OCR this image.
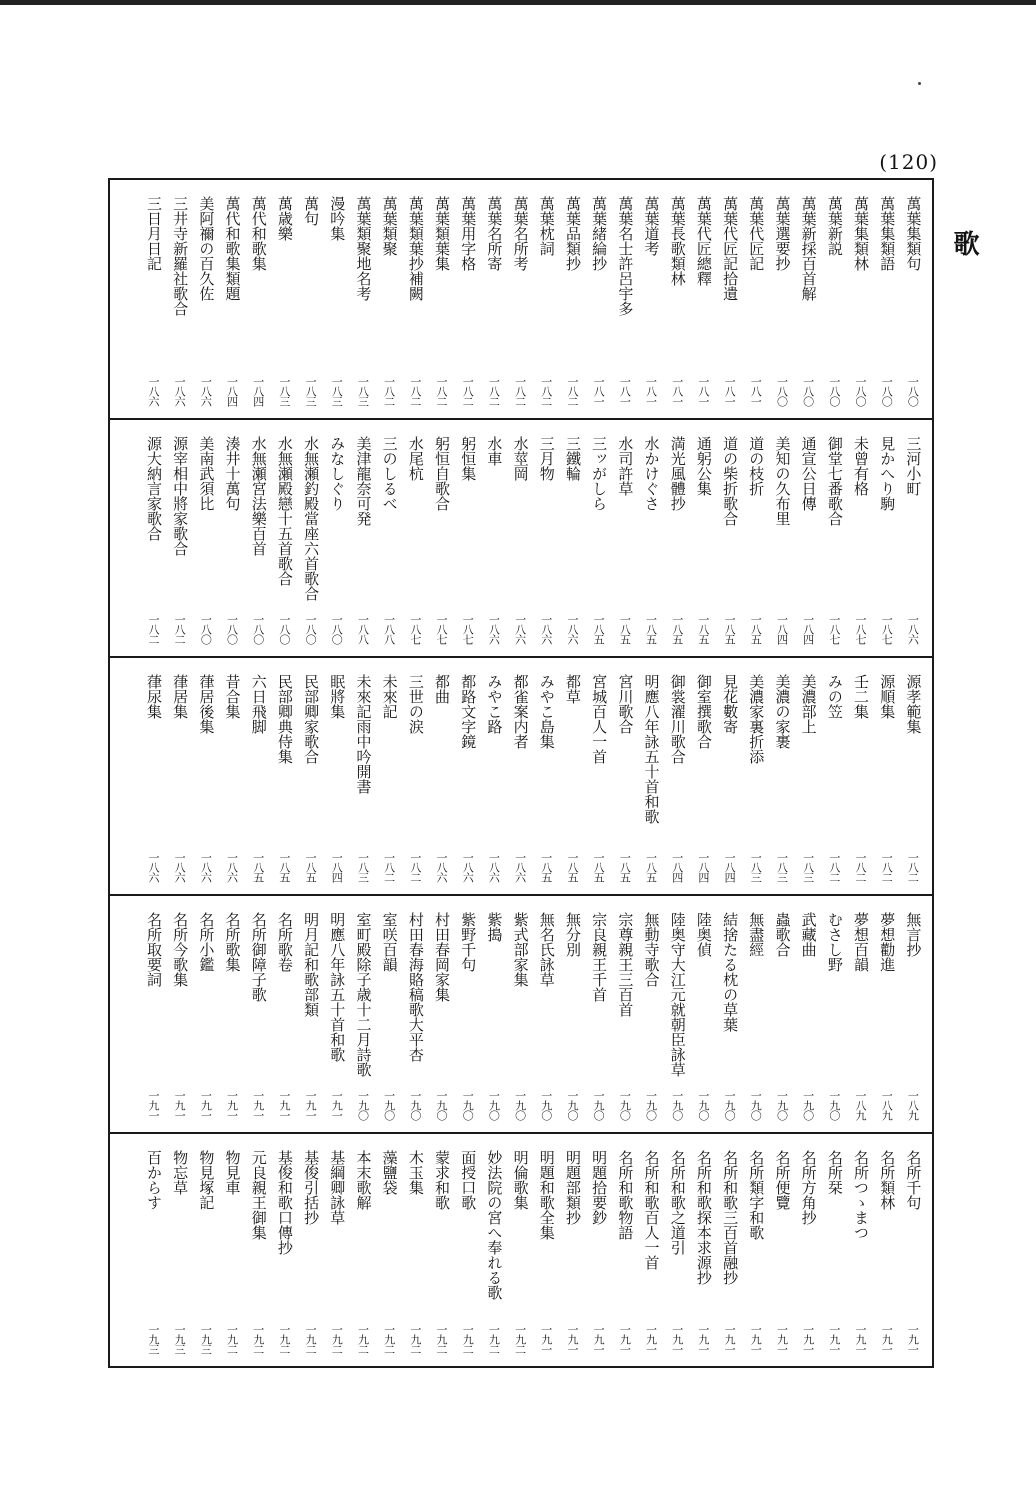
(120)
歌
萬葉集類句
一八〇
萬葉集類語
一八〇
萬葉集類林
一八〇
萬葉新説
一八〇
萬葉新採百首解
一八〇
萬葉選要抄
一八〇
萬葉代匠記
一八一
萬葉代匠記拾遺
一八一
萬葉代匠總釋
一八一
萬葉長歌類林
一八一
萬葉道考
一八一
萬葉名士許呂宇多
一八一
萬葉緒綸抄
一八一
萬葉品類抄
一八二
萬葉枕詞
一八二
萬葉名所考
一八二
萬葉名所寄
一八二
萬葉用字格
一八二
萬葉類葉集
一八二
萬葉類葉抄補闕
一八二
萬葉類聚
一八二
萬葉類聚地名考
一八三
漫吟集
一八三
萬句
一八三
萬歳樂
一八三
萬代和歌集
一八四
萬代和歌集類題
一八四
美阿禰の百久佐
一八六
三井寺新羅社歌合
一八六
三日月日記
一八六
三河小町
一八六
見かへり駒
一八七
未曾有格
一八七
御堂七番歌合
一八七
通宣公日傳
一八四
美知の久布里
一八四
道の枝折
一八五
道の柴折歌合
一八五
通躬公集
一八五
満光風體抄
一八五
水かけぐさ
一八五
水司許草
一八五
三ッがしら
一八五
三鐵輪
一八六
三月物
一八六
水莖岡
一八六
水車
一八六
躬恒集
一八七
躬恒自歌合
一八七
水尾杭
一八七
三のしるべ
一八八
美津龍奈可発
一八八
みなしぐり
一八〇
水無瀬釣殿當座六首歌合
一八〇
水無瀬殿戀十五首歌合
一八〇
水無瀬宮法樂百首
一八〇
湊井十萬句
一八〇
美南武須比
一八〇
源宰相中將家歌合
一八二
源大納言家歌合
一八二
源孝範集
一八二
源順集
一八二
壬二集
一八二
みの笠
一八二
美濃部上
一八三
美濃の家裹
一八三
美濃家裏折添
一八三
見花數寄
一八四
御室撰歌合
一八四
御裳濯川歌合
一八四
明應八年詠五十首和歌
一八五
宮川歌合
一八五
宮城百人一首
一八五
都草
一八五
みやこ島集
一八五
都雀案内者
一八六
みやこ路
一八六
都路文字鏡
一八六
都曲
一八六
三世の涙
一八二
未來記
一八二
未來記雨中吟開書
一八三
眠將集
一八四
民部卿家歌合
一八五
民部卿典侍集
一八五
六日飛脚
一八五
昔合集
一八六
葎居後集
一八六
葎居集
一八六
葎尿集
一八六
無言抄
一八九
夢想勸進
一八九
夢想百韻
一八九
むさし野
一九〇
武藏曲
一九〇
蟲歌合
一九〇
無盡經
一九〇
結捨たる枕の草葉
一九〇
陸奥偵
一九〇
陸奥守大江元就朝臣詠草
一九〇
無動寺歌合
一九〇
宗尊親王三百首
一九〇
宗良親王千首
一九〇
無分別
一九〇
無名氏詠草
一九〇
紫式部家集
一九〇
紫搗
一九〇
紫野千句
一九〇
村田春岡家集
一九〇
村田春海賂稿歌大平杏
一九〇
室咲百韻
一九〇
室町殿除子歳十二月詩歌
一九〇
明應八年詠五十首和歌
一九一
明月記和歌部類
一九一
名所歌卷
一九一
名所御障子歌
一九一
名所歌集
一九一
名所小鑑
一九一
名所今歌集
一九一
名所取要詞
一九一
名所千句
一九一
名所類林
一九一
名所つゝまつ
一九一
名所栞
一九一
名所方角抄
一九一
名所便覽
一九一
名所類字和歌
一九一
名所和歌三百首融抄
一九一
名所和歌探本求源抄
一九一
名所和歌之道引
一九一
名所和歌百人一首
一九一
名所和歌物語
一九一
明題拾要鈔
一九一
明題部類抄
一九一
明題和歌全集
一九一
明倫歌集
一九二
妙法院の宮へ奉れる歌
一九二
面授口歌
一九二
蒙求和歌
一九二
木玉集
一九二
藻鹽袋
一九二
本末歌解
一九二
基綱卿詠草
一九二
基俊引括抄
一九二
基俊和歌口傳抄
一九二
元良親王御集
一九二
物見車
一九二
物見塚記
一九三
物忘草
一九三
百からす
一九三
